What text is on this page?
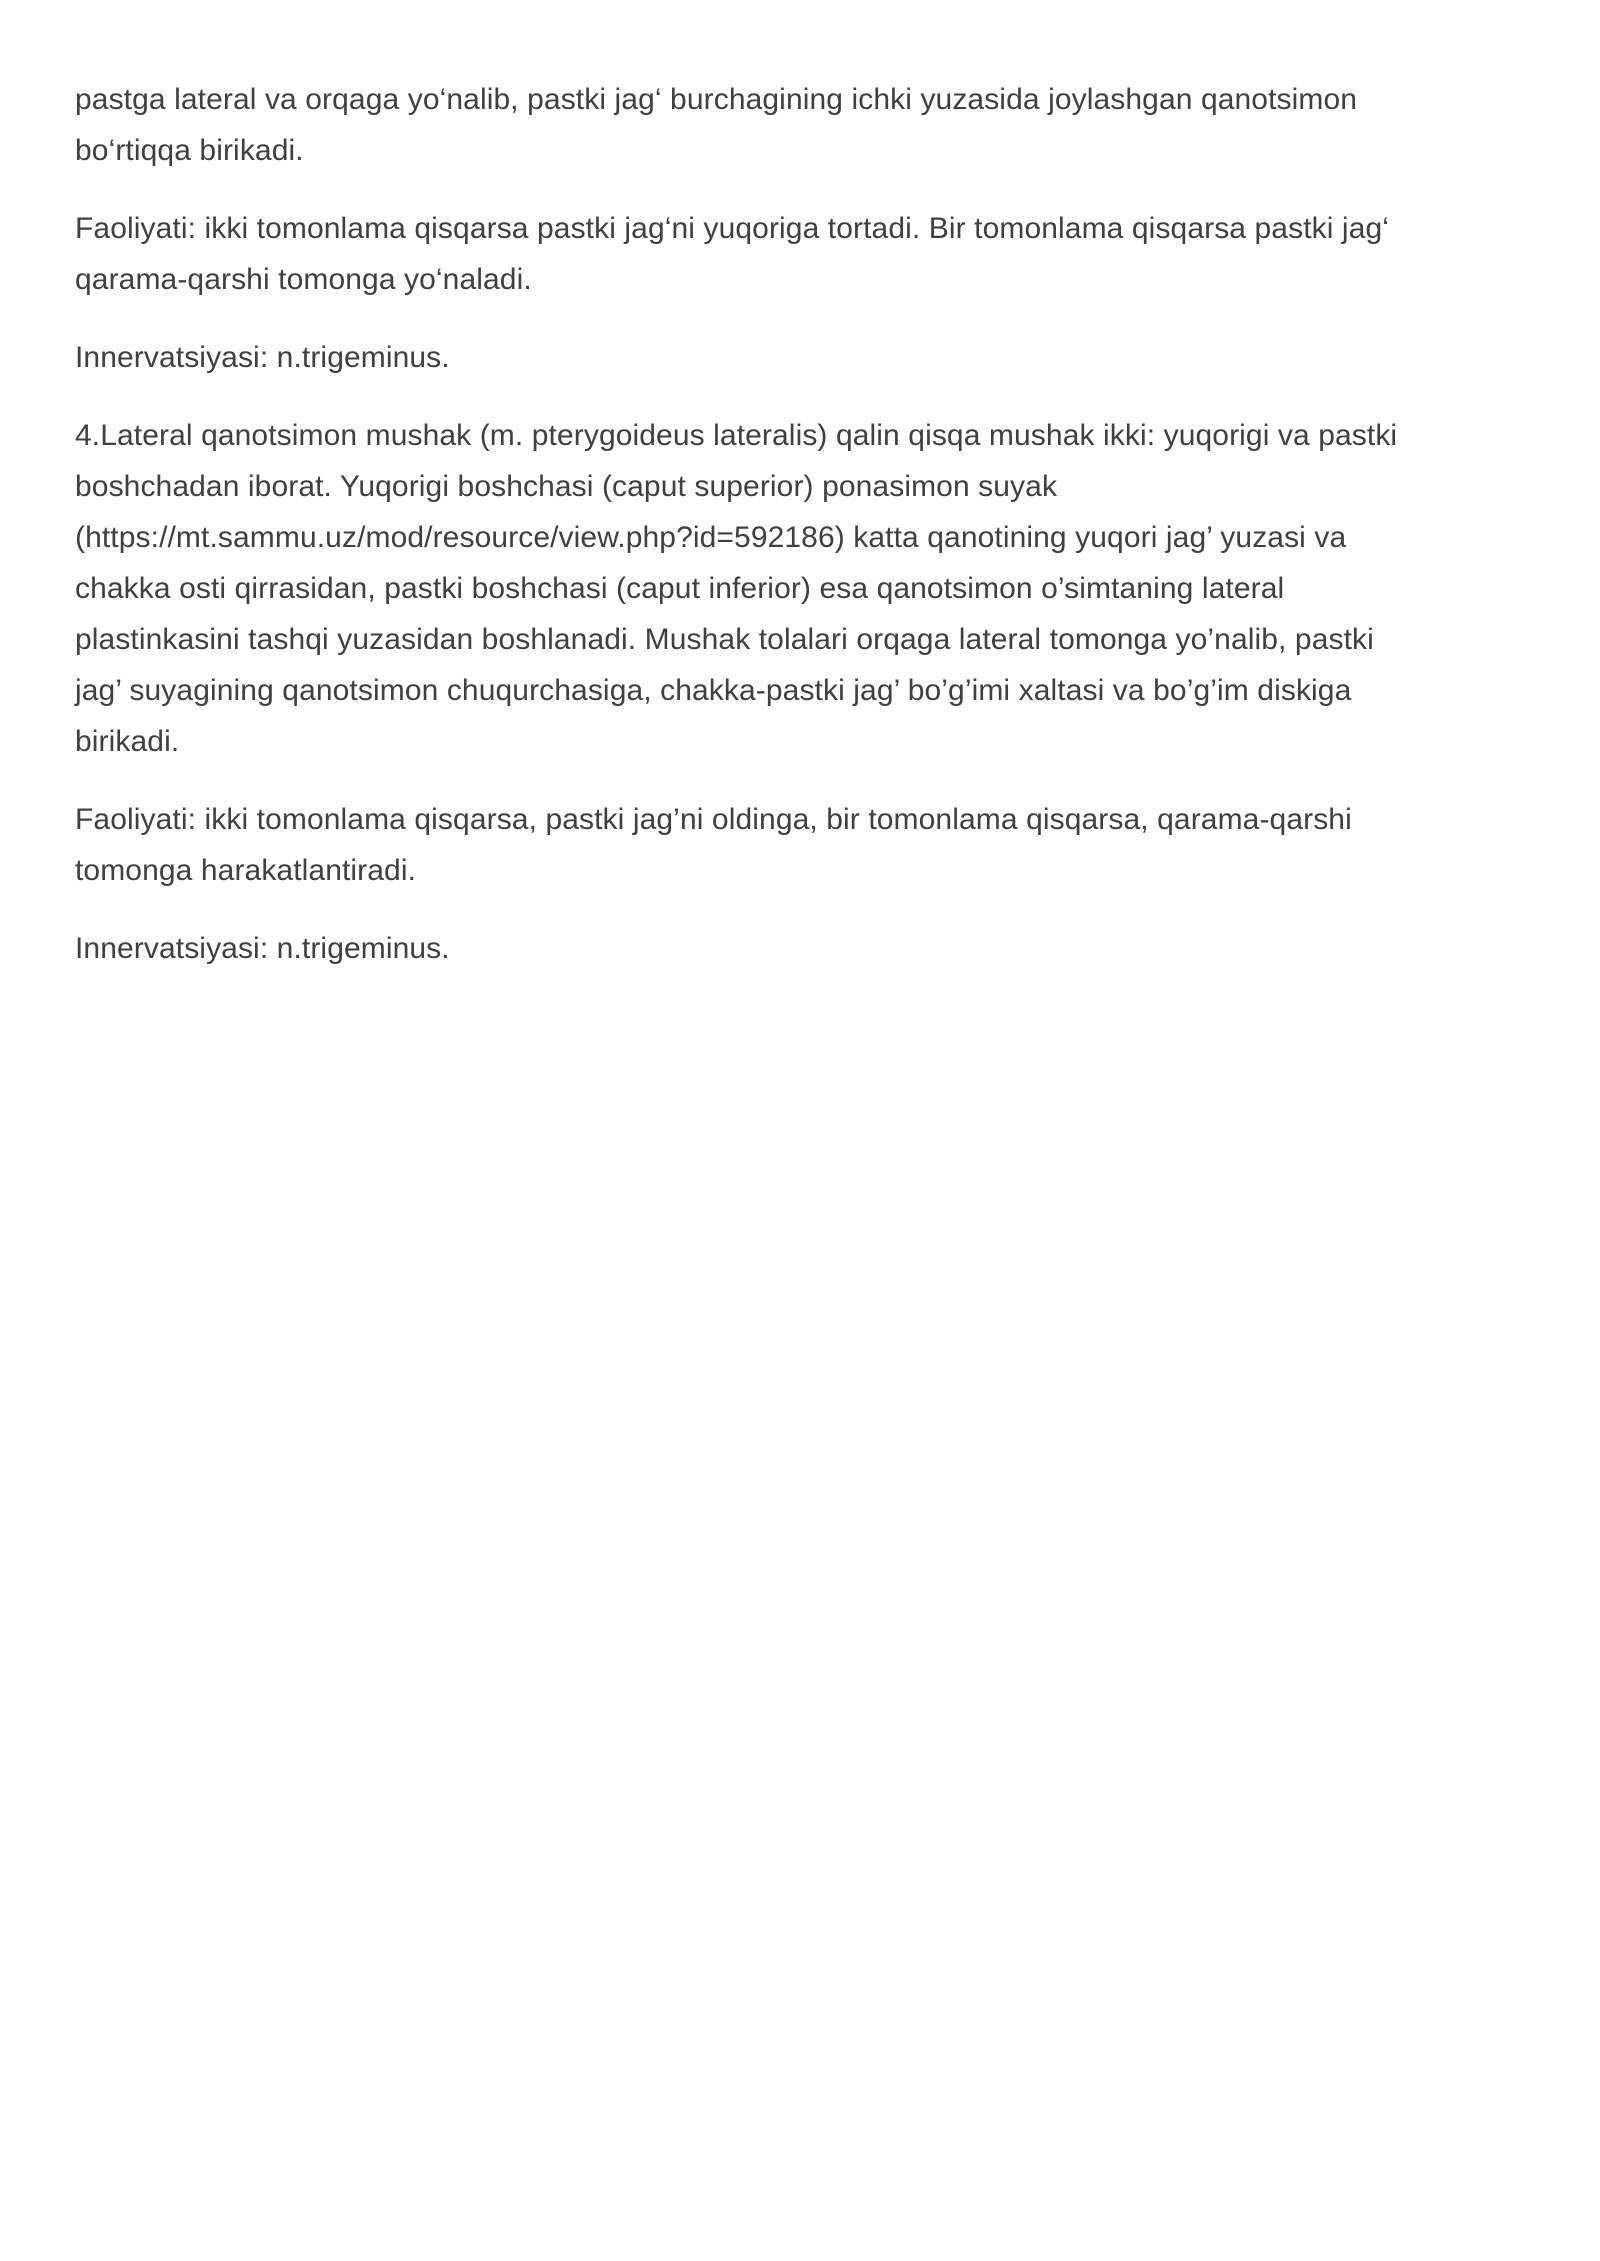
pastga lateral va orqaga yo‘nalib, pastki jag‘ burchagining ichki yuzasida joylashgan qanotsimon
bo‘rtiqqa birikadi.

Faoliyati: ikki tomonlama qisqarsa pastki jag‘ni yuqoriga tortadi. Bir tomonlama qisqarsa pastki jag‘
qarama-qarshi tomonga yo‘naladi.

Innervatsiyasi: n.trigeminus.

4.Lateral qanotsimon mushak (m. pterygoideus lateralis) qalin qisqa mushak ikki: yuqorigi va pastki
boshchadan iborat. Yuqorigi boshchasi (caput superior) ponasimon suyak
(https://mt.sammu.uz/mod/resource/view.php?id=592186) katta qanotining yuqori jag’ yuzasi va
chakka osti qirrasidan, pastki boshchasi (caput inferior) esa qanotsimon o’simtaning lateral
plastinkasini tashqi yuzasidan boshlanadi. Mushak tolalari orqaga lateral tomonga yo’nalib, pastki
jag’ suyagining qanotsimon chuqurchasiga, chakka-pastki jag’ bo’g’imi xaltasi va bo’g’im diskiga
birikadi.

Faoliyati: ikki tomonlama qisqarsa, pastki jag’ni oldinga, bir tomonlama qisqarsa, qarama-qarshi
tomonga harakatlantiradi.

Innervatsiyasi: n.trigeminus.
